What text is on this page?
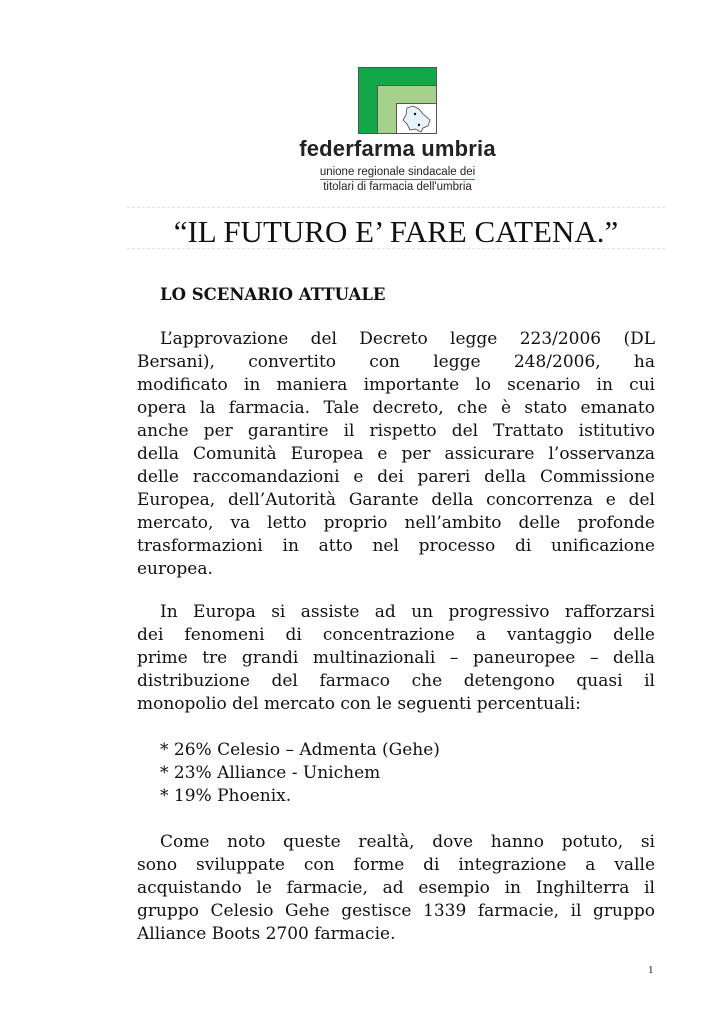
federfarma umbria
unione regionale sindacale dei
titolari di farmacia dell'umbria
“IL FUTURO E’ FARE CATENA.”
LO SCENARIO ATTUALE
L’approvazione del Decreto legge 223/2006 (DL
Bersani), convertito con legge 248/2006, ha
modificato in maniera importante lo scenario in cui
opera la farmacia. Tale decreto, che è stato emanato
anche per garantire il rispetto del Trattato istitutivo
della Comunità Europea e per assicurare l’osservanza
delle raccomandazioni e dei pareri della Commissione
Europea, dell’Autorità Garante della concorrenza e del
mercato, va letto proprio nell’ambito delle profonde
trasformazioni in atto nel processo di unificazione
europea.
In Europa si assiste ad un progressivo rafforzarsi
dei fenomeni di concentrazione a vantaggio delle
prime tre grandi multinazionali – paneuropee – della
distribuzione del farmaco che detengono quasi il
monopolio del mercato con le seguenti percentuali:
* 26% Celesio – Admenta (Gehe)
* 23% Alliance - Unichem
* 19% Phoenix.
Come noto queste realtà, dove hanno potuto, si
sono sviluppate con forme di integrazione a valle
acquistando le farmacie, ad esempio in Inghilterra il
gruppo Celesio Gehe gestisce 1339 farmacie, il gruppo
Alliance Boots 2700 farmacie.
1
